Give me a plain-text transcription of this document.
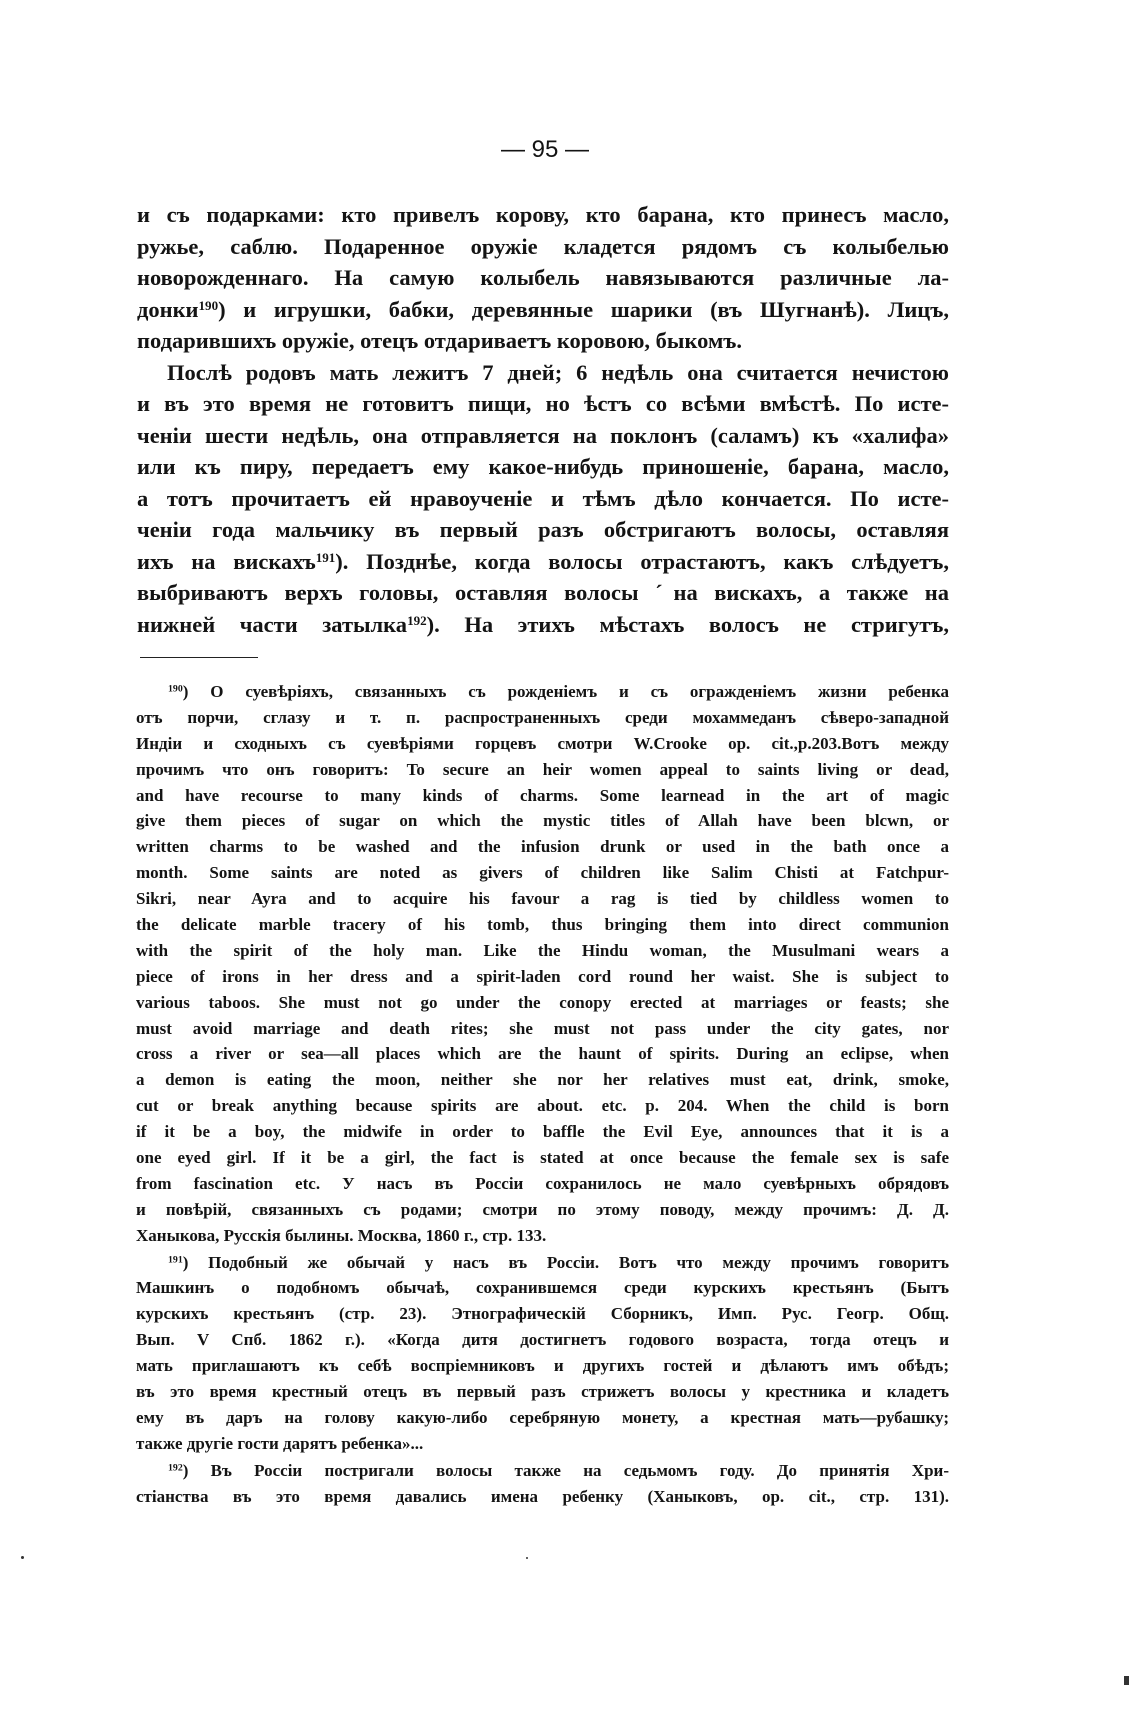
— 95 —
и съ подарками: кто привелъ корову, кто барана, кто принесъ масло,
ружье, саблю. Подаренное оружіе кладется рядомъ съ колыбелью
новорожденнаго. На самую колыбель навязываются различные ла-
донки$^{190}$) и игрушки, бабки, деревянные шарики (въ Шугнанѣ). Лицъ,
подарившихъ оружіе, отецъ отдариваетъ коровою, быкомъ.
Послѣ родовъ мать лежитъ 7 дней; 6 недѣль она считается нечистою
и въ это время не готовитъ пищи, но ѣстъ со всѣми вмѣстѣ. По исте-
ченіи шести недѣль, она отправляется на поклонъ (саламъ) къ «халифа»
или къ пиру, передаетъ ему какое-нибудь приношеніе, барана, масло,
а тотъ прочитаетъ ей нравоученіе и тѣмъ дѣло кончается. По исте-
ченіи года мальчику въ первый разъ обстригаютъ волосы, оставляя
ихъ на вискахъ$^{191}$). Позднѣе, когда волосы отрастаютъ, какъ слѣдуетъ,
выбриваютъ верхъ головы, оставляя волосы ˊна вискахъ, а также на
нижней части затылка$^{192}$). На этихъ мѣстахъ волосъ не стригутъ,
$^{190}$) О суевѣріяхъ, связанныхъ съ рожденіемъ и съ огражденіемъ жизни ребенка
отъ порчи, сглазу и т. п. распространенныхъ среди мохаммеданъ сѣверо-западной
Индіи и сходныхъ съ суевѣріями горцевъ смотри W.Crooke op. cit.,p.203.Вотъ между
прочимъ что онъ говоритъ: To secure an heir women appeal to saints living or dead,
and have recourse to many kinds of charms. Some learnead in the art of magic
give them pieces of sugar on which the mystic titles of Allah have been blcwn, or
written charms to be washed and the infusion drunk or used in the bath once a
month. Some saints are noted as givers of children like Salim Chisti at Fatchpur-
Sikri, near Ayra and to acquire his favour a rag is tied by childless women to
the delicate marble tracery of his tomb, thus bringing them into direct communion
with the spirit of the holy man. Like the Hindu woman, the Musulmani wears a
piece of irons in her dress and a spirit-laden cord round her waist. She is subject to
various taboos. She must not go under the conopy erected at marriages or feasts; she
must avoid marriage and death rites; she must not pass under the city gates, nor
cross a river or sea—all places which are the haunt of spirits. During an eclipse, when
a demon is eating the moon, neither she nor her relatives must eat, drink, smoke,
cut or break anything because spirits are about. etc. p. 204. When the child is born
if it be a boy, the midwife in order to baffle the Evil Eye, announces that it is a
one eyed girl. If it be a girl, the fact is stated at once because the female sex is safe
from fascination etc. У насъ въ Россіи сохранилось не мало суевѣрныхъ обрядовъ
и повѣрій, связанныхъ съ родами; смотри по этому поводу, между прочимъ: Д. Д.
Ханыкова, Русскія былины. Москва, 1860 г., стр. 133.
$^{191}$) Подобный же обычай у насъ въ Россіи. Вотъ что между прочимъ говоритъ
Машкинъ о подобномъ обычаѣ, сохранившемся среди курскихъ крестьянъ (Бытъ
курскихъ крестьянъ (стр. 23). Этнографическій Сборникъ, Имп. Рус. Геогр. Общ.
Вып. V Спб. 1862 г.). «Когда дитя достигнетъ годового возраста, тогда отецъ и
мать приглашаютъ къ себѣ воспріемниковъ и другихъ гостей и дѣлаютъ имъ обѣдъ;
въ это время крестный отецъ въ первый разъ стрижетъ волосы у крестника и кладетъ
ему въ даръ на голову какую-либо серебряную монету, а крестная мать—рубашку;
также другіе гости дарятъ ребенка»...
$^{192}$) Въ Россіи постригали волосы также на седьмомъ году. До принятія Хри-
стіанства въ это время давались имена ребенку (Ханыковъ, op. cit., стр. 131).
